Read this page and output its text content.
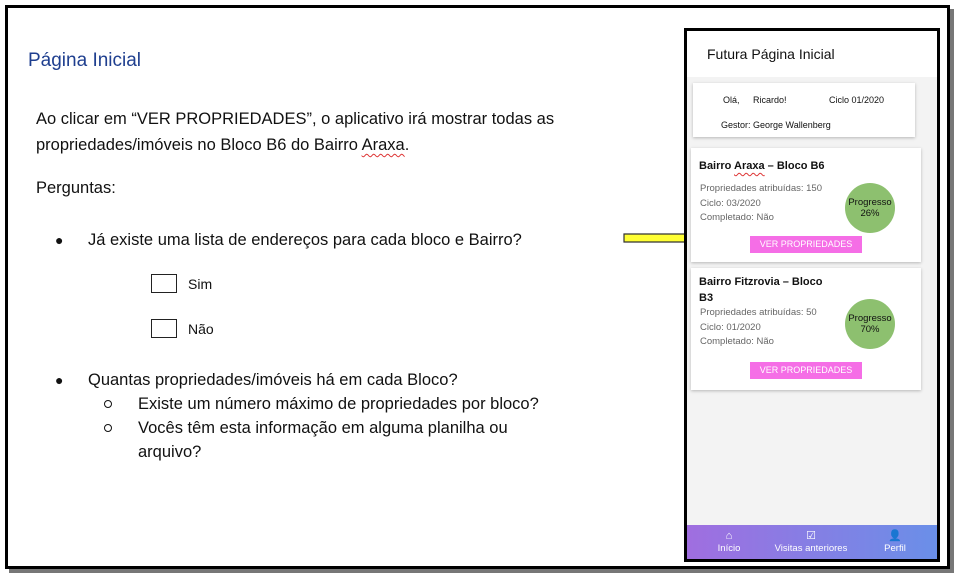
Página Inicial
Ao clicar em “VER PROPRIEDADES”, o aplicativo irá mostrar todas as
propriedades/imóveis no Bloco B6 do Bairro Araxa.
Perguntas:
● Já existe uma lista de endereços para cada bloco e Bairro?
Sim
Não
● Quantas propriedades/imóveis há em cada Bloco?
Existe um número máximo de propriedades por bloco?
Vocês têm esta informação em alguma planilha ou
arquivo?
Futura Página Inicial
Olá, Ricardo!	Ciclo 01/2020
Gestor: George Wallenberg
Bairro Araxa – Bloco B6
Propriedades atribuídas: 150
Ciclo: 03/2020
Completado: Não
Progresso
26%
VER PROPRIEDADES
Bairro Fitzrovia – Bloco
B3
Propriedades atribuídas: 50
Ciclo: 01/2020
Completado: Não
Progresso
70%
VER PROPRIEDADES
⌂
Início
☑
Visitas anteriores
👤
Perfil
